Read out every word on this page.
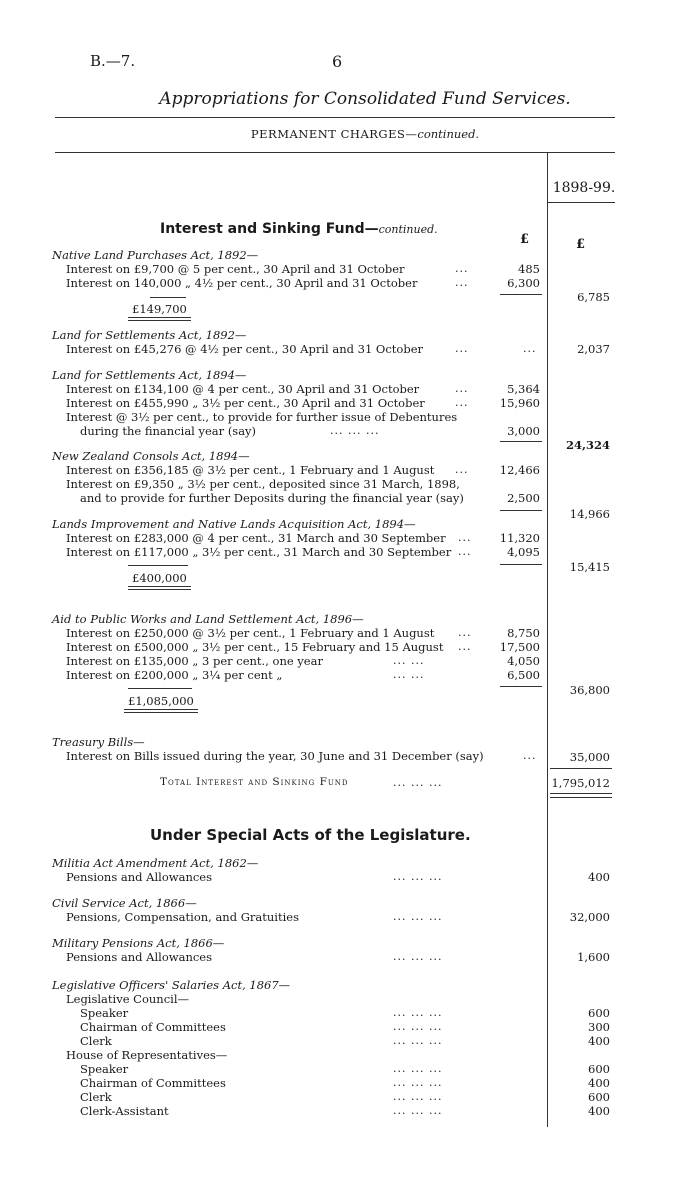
B.—7.	6
Appropriations for Consolidated Fund Services.
PERMANENT CHARGES—continued.
1898-99.
Interest and Sinking Fund—continued.
£	£
Native Land Purchases Act, 1892—
Interest on £9,700 @ 5 per cent., 30 April and 31 October	...	485
Interest on 140,000 „ 4½ per cent., 30 April and 31 October	...	6,300
£149,700
6,785
Land for Settlements Act, 1892—
Interest on £45,276 @ 4½ per cent., 30 April and 31 October	...	...	2,037
Land for Settlements Act, 1894—
Interest on £134,100 @ 4 per cent., 30 April and 31 October	...	5,364
Interest on £455,990 „ 3½ per cent., 30 April and 31 October	...	15,960
Interest @ 3½ per cent., to provide for further issue of Debentures
during the financial year (say)	... ... ...	3,000
24,324
New Zealand Consols Act, 1894—
Interest on £356,185 @ 3½ per cent., 1 February and 1 August ...	12,466
Interest on £9,350 „ 3½ per cent., deposited since 31 March, 1898,
and to provide for further Deposits during the financial year (say)	2,500
14,966
Lands Improvement and Native Lands Acquisition Act, 1894—
Interest on £283,000 @ 4 per cent., 31 March and 30 September ...	11,320
Interest on £117,000 „ 3½ per cent., 31 March and 30 September ...	4,095
15,415
£400,000
Aid to Public Works and Land Settlement Act, 1896—
Interest on £250,000 @ 3½ per cent., 1 February and 1 August ...	8,750
Interest on £500,000 „ 3½ per cent., 15 February and 15 August ...	17,500
Interest on £135,000 „ 3 per cent., one year	... ...	4,050
Interest on £200,000 „ 3¼ per cent „	... ...	6,500
36,800
£1,085,000
Treasury Bills—
Interest on Bills issued during the year, 30 June and 31 December (say)	...	35,000
Total Interest and Sinking Fund	... ... ...	1,795,012
Under Special Acts of the Legislature.
Militia Act Amendment Act, 1862—
Pensions and Allowances	... ... ...	400
Civil Service Act, 1866—
Pensions, Compensation, and Gratuities	... ... ...	32,000
Military Pensions Act, 1866—
Pensions and Allowances	... ... ...	1,600
Legislative Officers' Salaries Act, 1867—
Legislative Council—
Speaker	... ... ...	600
Chairman of Committees	... ... ...	300
Clerk	... ... ...	400
House of Representatives—
Speaker	... ... ...	600
Chairman of Committees	... ... ...	400
Clerk	... ... ...	600
Clerk-Assistant	... ... ...	400
